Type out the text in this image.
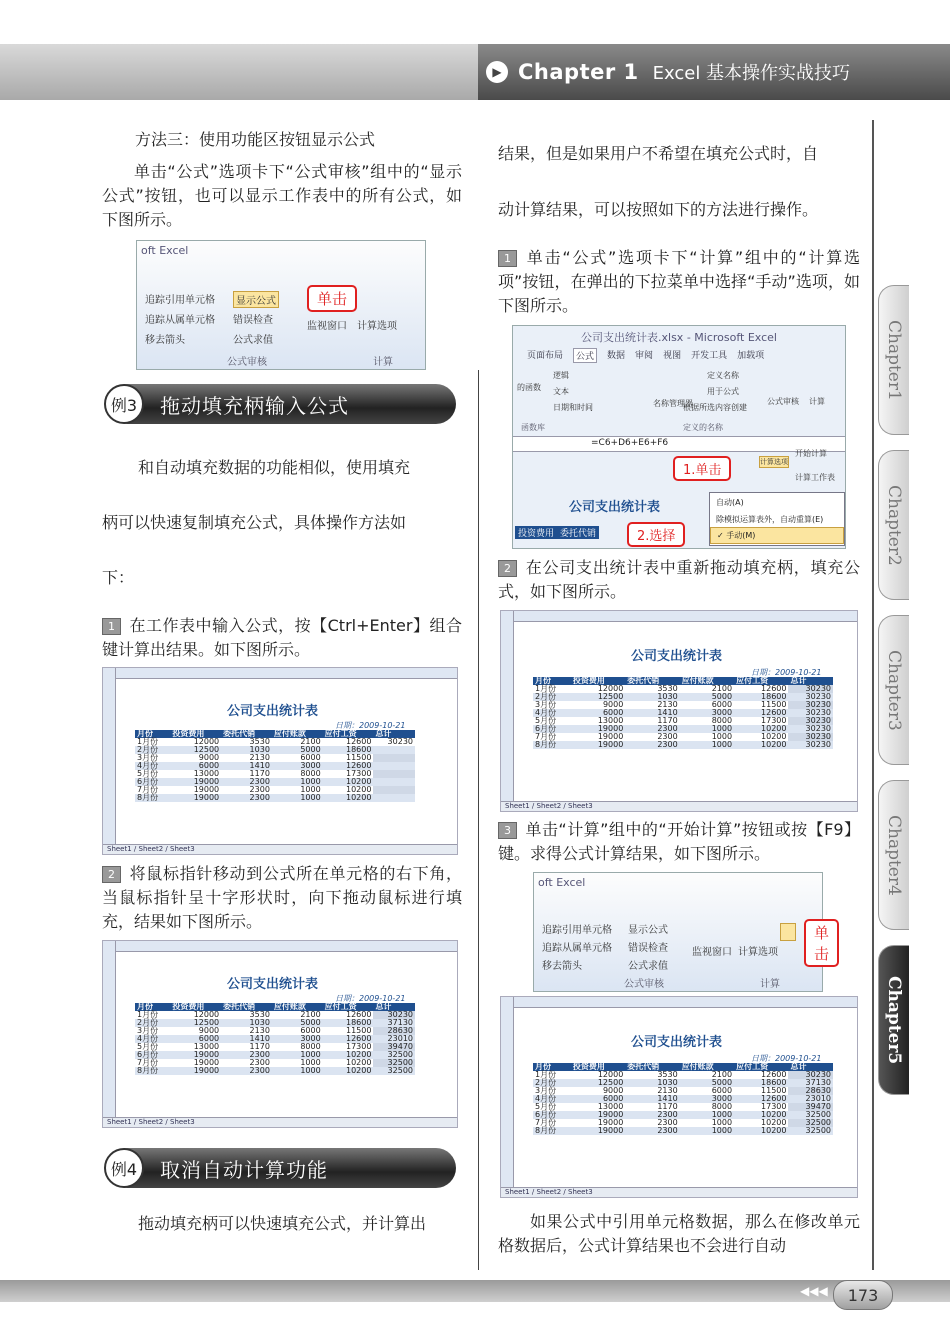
▶ Chapter 1 Excel 基本操作实战技巧
Chapter1
Chapter2
Chapter3
Chapter4
Chapter5
方法三：使用功能区按钮显示公式
单击“公式”选项卡下“公式审核”组中的“显示公式”按钮，也可以显示工作表中的所有公式，如下图所示。
oft Excel
追踪引用单元格
追踪从属单元格
移去箭头
显示公式
错误检查
公式求值
监视窗口 计算选项
公式审核	计算
单击
例3	拖动填充柄输入公式
和自动填充数据的功能相似，使用填充
柄可以快速复制填充公式，具体操作方法如
下：
1 在工作表中输入公式，按【Ctrl+Enter】组合键计算出结果。如下图所示。
公司支出统计表
日期：2009-10-21
月份	投资费用	委托代销	应付账款	应付工资	总计
1月份	12000	3530	2100	12600	30230
2月份	12500	1030	5000	18600	
3月份	9000	2130	6000	11500	
4月份	6000	1410	3000	12600	
5月份	13000	1170	8000	17300	
6月份	19000	2300	1000	10200	
7月份	19000	2300	1000	10200	
8月份	19000	2300	1000	10200	
Sheet1 / Sheet2 / Sheet3
2 将鼠标指针移动到公式所在单元格的右下角，当鼠标指针呈十字形状时，向下拖动鼠标进行填充，结果如下图所示。
公司支出统计表
日期：2009-10-21
月份	投资费用	委托代销	应付账款	应付工资	总计
1月份	12000	3530	2100	12600	30230
2月份	12500	1030	5000	18600	37130
3月份	9000	2130	6000	11500	28630
4月份	6000	1410	3000	12600	23010
5月份	13000	1170	8000	17300	39470
6月份	19000	2300	1000	10200	32500
7月份	19000	2300	1000	10200	32500
8月份	19000	2300	1000	10200	32500
Sheet1 / Sheet2 / Sheet3
例4	取消自动计算功能
拖动填充柄可以快速填充公式，并计算出
结果，但是如果用户不希望在填充公式时，自
动计算结果，可以按照如下的方法进行操作。
1 单击“公式”选项卡下“计算”组中的“计算选项”按钮，在弹出的下拉菜单中选择“手动”选项，如下图所示。
公司支出统计表.xlsx - Microsoft Excel
页面布局	公式	数据 审阅 视图 开发工具 加载项
的函数
逻辑
文本
日期和时间
函数库
定义名称
用于公式
根据所选内容创建
名称管理器
定义的名称
公式审核 计算
=C6+D6+E6+F6
开始计算
计算工作表
计算选项
公司支出统计表
投资费用 委托代销
自动(A)
除模拟运算表外，自动重算(E)
✓ 手动(M)
1.单击
2.选择
2 在公司支出统计表中重新拖动填充柄，填充公式，如下图所示。
公司支出统计表
日期：2009-10-21
月份	投资费用	委托代销	应付账款	应付工资	总计
1月份	12000	3530	2100	12600	30230
2月份	12500	1030	5000	18600	30230
3月份	9000	2130	6000	11500	30230
4月份	6000	1410	3000	12600	30230
5月份	13000	1170	8000	17300	30230
6月份	19000	2300	1000	10200	30230
7月份	19000	2300	1000	10200	30230
8月份	19000	2300	1000	10200	30230
Sheet1 / Sheet2 / Sheet3
3 单击“计算”组中的“开始计算”按钮或按【F9】键。求得公式计算结果，如下图所示。
oft Excel
追踪引用单元格
追踪从属单元格
移去箭头
显示公式
错误检查
公式求值
监视窗口 计算选项
公式审核	计算
单击
公司支出统计表
日期：2009-10-21
月份	投资费用	委托代销	应付账款	应付工资	总计
1月份	12000	3530	2100	12600	30230
2月份	12500	1030	5000	18600	37130
3月份	9000	2130	6000	11500	28630
4月份	6000	1410	3000	12600	23010
5月份	13000	1170	8000	17300	39470
6月份	19000	2300	1000	10200	32500
7月份	19000	2300	1000	10200	32500
8月份	19000	2300	1000	10200	32500
Sheet1 / Sheet2 / Sheet3
如果公式中引用单元格数据，那么在修改单元格数据后，公式计算结果也不会进行自动
◀◀◀	173
